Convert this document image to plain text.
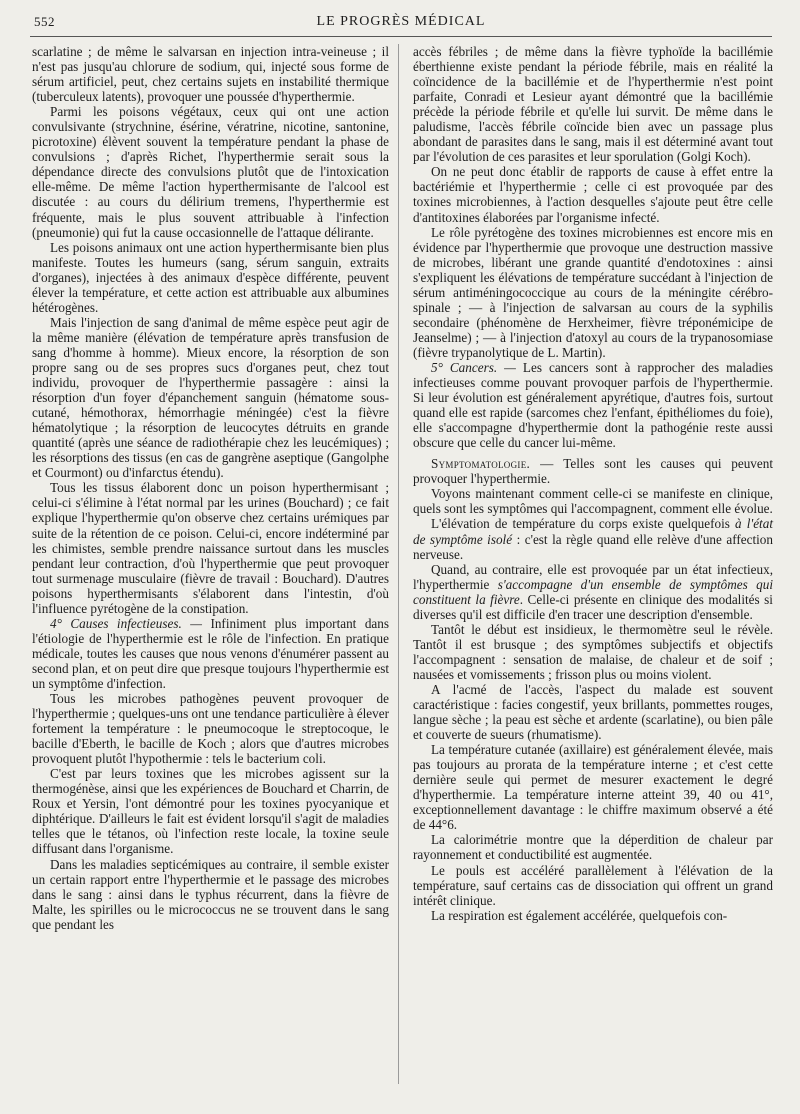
552	LE PROGRÈS MÉDICAL

scarlatine ; de même le salvarsan en injection intra-veineuse ; il n'est pas jusqu'au chlorure de sodium, qui, injecté sous forme de sérum artificiel, peut, chez certains sujets en instabilité thermique (tuberculeux latents), provoquer une poussée d'hyperthermie.

Parmi les poisons végétaux, ceux qui ont une action convulsivante (strychnine, ésérine, vératrine, nicotine, santonine, picrotoxine) élèvent souvent la température pendant la phase de convulsions ; d'après Richet, l'hyperthermie serait sous la dépendance directe des convulsions plutôt que de l'intoxication elle-même. De même l'action hyperthermisante de l'alcool est discutée : au cours du délirium tremens, l'hyperthermie est fréquente, mais le plus souvent attribuable à l'infection (pneumonie) qui fut la cause occasionnelle de l'attaque délirante.

Les poisons animaux ont une action hyperthermisante bien plus manifeste. Toutes les humeurs (sang, sérum sanguin, extraits d'organes), injectées à des animaux d'espèce différente, peuvent élever la température, et cette action est attribuable aux albumines hétérogènes.

Mais l'injection de sang d'animal de même espèce peut agir de la même manière (élévation de température après transfusion de sang d'homme à homme). Mieux encore, la résorption de son propre sang ou de ses propres sucs d'organes peut, chez tout individu, provoquer de l'hyperthermie passagère : ainsi la résorption d'un foyer d'épanchement sanguin (hématome sous-cutané, hémothorax, hémorrhagie méningée) c'est la fièvre hématolytique ; la résorption de leucocytes détruits en grande quantité (après une séance de radiothérapie chez les leucémiques) ; les résorptions des tissus (en cas de gangrène aseptique (Gangolphe et Courmont) ou d'infarctus étendu).

Tous les tissus élaborent donc un poison hyperthermisant ; celui-ci s'élimine à l'état normal par les urines (Bouchard) ; ce fait explique l'hyperthermie qu'on observe chez certains urémiques par suite de la rétention de ce poison. Celui-ci, encore indéterminé par les chimistes, semble prendre naissance surtout dans les muscles pendant leur contraction, d'où l'hyperthermie que peut provoquer tout surmenage musculaire (fièvre de travail : Bouchard). D'autres poisons hyperthermisants s'élaborent dans l'intestin, d'où l'influence pyrétogène de la constipation.

4° Causes infectieuses. — Infiniment plus important dans l'étiologie de l'hyperthermie est le rôle de l'infection. En pratique médicale, toutes les causes que nous venons d'énumérer passent au second plan, et on peut dire que presque toujours l'hyperthermie est un symptôme d'infection.

Tous les microbes pathogènes peuvent provoquer de l'hyperthermie ; quelques-uns ont une tendance particulière à élever fortement la température : le pneumocoque le streptocoque, le bacille d'Eberth, le bacille de Koch ; alors que d'autres microbes provoquent plutôt l'hypothermie : tels le bacterium coli.

C'est par leurs toxines que les microbes agissent sur la thermogénèse, ainsi que les expériences de Bouchard et Charrin, de Roux et Yersin, l'ont démontré pour les toxines pyocyanique et diphtérique. D'ailleurs le fait est évident lorsqu'il s'agit de maladies telles que le tétanos, où l'infection reste locale, la toxine seule diffusant dans l'organisme.

Dans les maladies septicémiques au contraire, il semble exister un certain rapport entre l'hyperthermie et le passage des microbes dans le sang : ainsi dans le typhus récurrent, dans la fièvre de Malte, les spirilles ou le micrococcus ne se trouvent dans le sang que pendant les

accès fébriles ; de même dans la fièvre typhoïde la bacillémie éberthienne existe pendant la période fébrile, mais en réalité la coïncidence de la bacillémie et de l'hyperthermie n'est point parfaite, Conradi et Lesieur ayant démontré que la bacillémie précède la période fébrile et qu'elle lui survit. De même dans le paludisme, l'accès fébrile coïncide bien avec un passage plus abondant de parasites dans le sang, mais il est déterminé avant tout par l'évolution de ces parasites et leur sporulation (Golgi Koch).

On ne peut donc établir de rapports de cause à effet entre la bactériémie et l'hyperthermie ; celle ci est provoquée par des toxines microbiennes, à l'action desquelles s'ajoute peut être celle d'antitoxines élaborées par l'organisme infecté.

Le rôle pyrétogène des toxines microbiennes est encore mis en évidence par l'hyperthermie que provoque une destruction massive de microbes, libérant une grande quantité d'endotoxines : ainsi s'expliquent les élévations de température succédant à l'injection de sérum antiméningococcique au cours de la méningite cérébro-spinale ; — à l'injection de salvarsan au cours de la syphilis secondaire (phénomène de Herxheimer, fièvre tréponémicipe de Jeanselme) ; — à l'injection d'atoxyl au cours de la trypanosomiase (fièvre trypanolytique de L. Martin).

5° Cancers. — Les cancers sont à rapprocher des maladies infectieuses comme pouvant provoquer parfois de l'hyperthermie. Si leur évolution est généralement apyrétique, d'autres fois, surtout quand elle est rapide (sarcomes chez l'enfant, épithéliomes du foie), elle s'accompagne d'hyperthermie dont la pathogénie reste aussi obscure que celle du cancer lui-même.

Symptomatologie. — Telles sont les causes qui peuvent provoquer l'hyperthermie.

Voyons maintenant comment celle-ci se manifeste en clinique, quels sont les symptômes qui l'accompagnent, comment elle évolue.

L'élévation de température du corps existe quelquefois à l'état de symptôme isolé : c'est la règle quand elle relève d'une affection nerveuse.

Quand, au contraire, elle est provoquée par un état infectieux, l'hyperthermie s'accompagne d'un ensemble de symptômes qui constituent la fièvre. Celle-ci présente en clinique des modalités si diverses qu'il est difficile d'en tracer une description d'ensemble.

Tantôt le début est insidieux, le thermomètre seul le révèle. Tantôt il est brusque ; des symptômes subjectifs et objectifs l'accompagnent : sensation de malaise, de chaleur et de soif ; nausées et vomissements ; frisson plus ou moins violent.

A l'acmé de l'accès, l'aspect du malade est souvent caractéristique : facies congestif, yeux brillants, pommettes rouges, langue sèche ; la peau est sèche et ardente (scarlatine), ou bien pâle et couverte de sueurs (rhumatisme).

La température cutanée (axillaire) est généralement élevée, mais pas toujours au prorata de la température interne ; et c'est cette dernière seule qui permet de mesurer exactement le degré d'hyperthermie. La température interne atteint 39, 40 ou 41°, exceptionnellement davantage : le chiffre maximum observé a été de 44°6.

La calorimétrie montre que la déperdition de chaleur par rayonnement et conductibilité est augmentée.

Le pouls est accéléré parallèlement à l'élévation de la température, sauf certains cas de dissociation qui offrent un grand intérêt clinique.

La respiration est également accélérée, quelquefois con-
